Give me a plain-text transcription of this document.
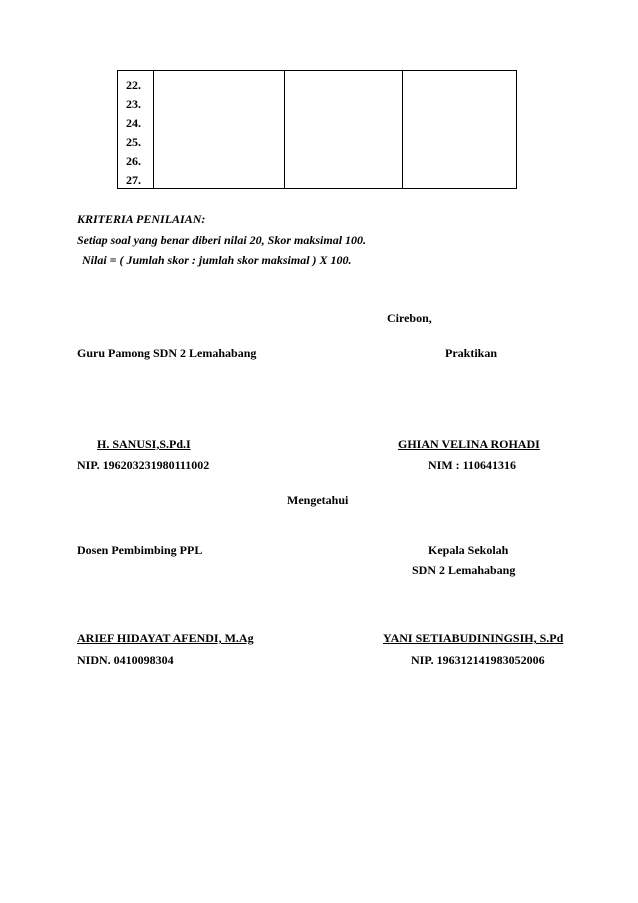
22.
23.
24.
25.
26.
27.
KRITERIA PENILAIAN:
Setiap soal yang benar diberi nilai 20, Skor maksimal 100.
Nilai = ( Jumlah skor : jumlah skor maksimal ) X 100.
Cirebon,
Guru Pamong SDN 2 Lemahabang	Praktikan
H. SANUSI,S.Pd.I	GHIAN VELINA ROHADI
NIP. 196203231980111002	NIM : 110641316
Mengetahui
Dosen Pembimbing PPL	Kepala Sekolah
SDN 2 Lemahabang
ARIEF HIDAYAT AFENDI, M.Ag	YANI SETIABUDININGSIH, S.Pd
NIDN. 0410098304	NIP. 196312141983052006
